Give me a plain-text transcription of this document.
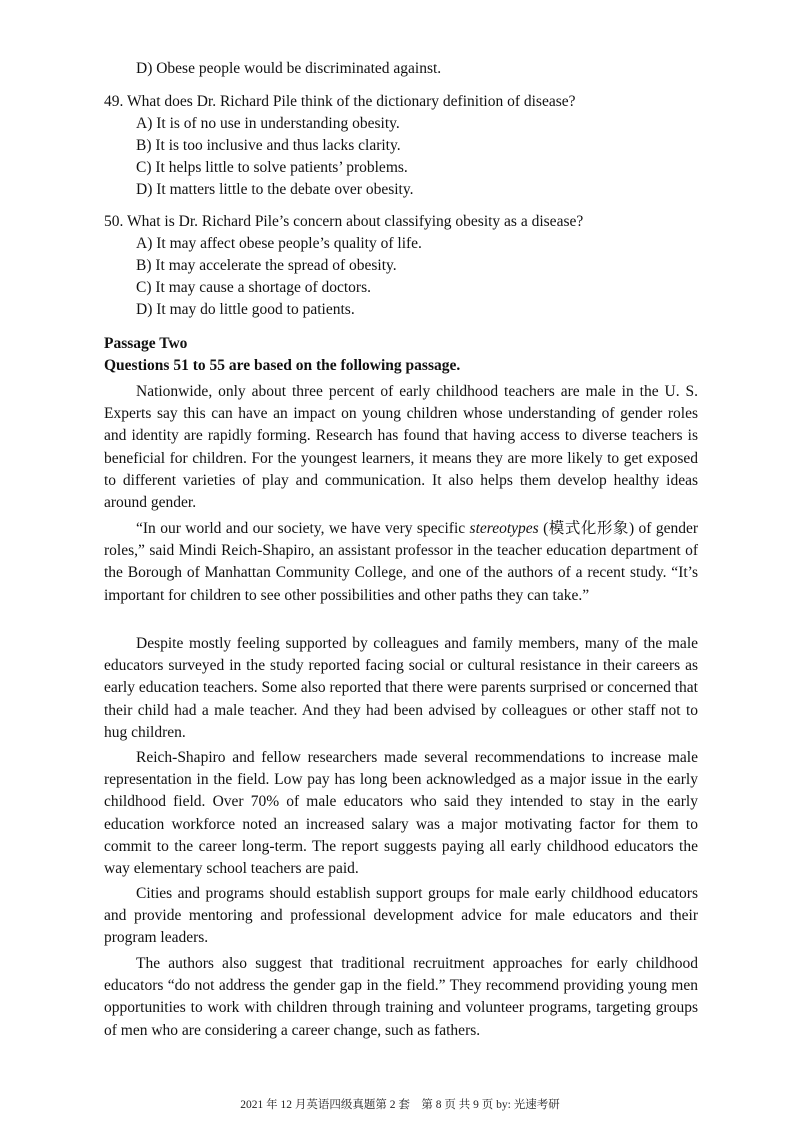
D) Obese people would be discriminated against.
49. What does Dr. Richard Pile think of the dictionary definition of disease?
A) It is of no use in understanding obesity.
B) It is too inclusive and thus lacks clarity.
C) It helps little to solve patients’ problems.
D) It matters little to the debate over obesity.
50. What is Dr. Richard Pile’s concern about classifying obesity as a disease?
A) It may affect obese people’s quality of life.
B) It may accelerate the spread of obesity.
C) It may cause a shortage of doctors.
D) It may do little good to patients.
Passage Two
Questions 51 to 55 are based on the following passage.
Nationwide, only about three percent of early childhood teachers are male in the U. S. Experts say this can have an impact on young children whose understanding of gender roles and identity are rapidly forming. Research has found that having access to diverse teachers is beneficial for children. For the youngest learners, it means they are more likely to get exposed to different varieties of play and communication. It also helps them develop healthy ideas around gender.
“In our world and our society, we have very specific stereotypes (模式化形象) of gender roles,” said Mindi Reich-Shapiro, an assistant professor in the teacher education department of the Borough of Manhattan Community College, and one of the authors of a recent study. “It’s important for children to see other possibilities and other paths they can take.”
Despite mostly feeling supported by colleagues and family members, many of the male educators surveyed in the study reported facing social or cultural resistance in their careers as early education teachers. Some also reported that there were parents surprised or concerned that their child had a male teacher. And they had been advised by colleagues or other staff not to hug children.
Reich-Shapiro and fellow researchers made several recommendations to increase male representation in the field. Low pay has long been acknowledged as a major issue in the early childhood field. Over 70% of male educators who said they intended to stay in the early education workforce noted an increased salary was a major motivating factor for them to commit to the career long-term. The report suggests paying all early childhood educators the way elementary school teachers are paid.
Cities and programs should establish support groups for male early childhood educators and provide mentoring and professional development advice for male educators and their program leaders.
The authors also suggest that traditional recruitment approaches for early childhood educators “do not address the gender gap in the field.” They recommend providing young men opportunities to work with children through training and volunteer programs, targeting groups of men who are considering a career change, such as fathers.
2021 年 12 月英语四级真题第 2 套　第 8 页 共 9 页 by: 光速考研
